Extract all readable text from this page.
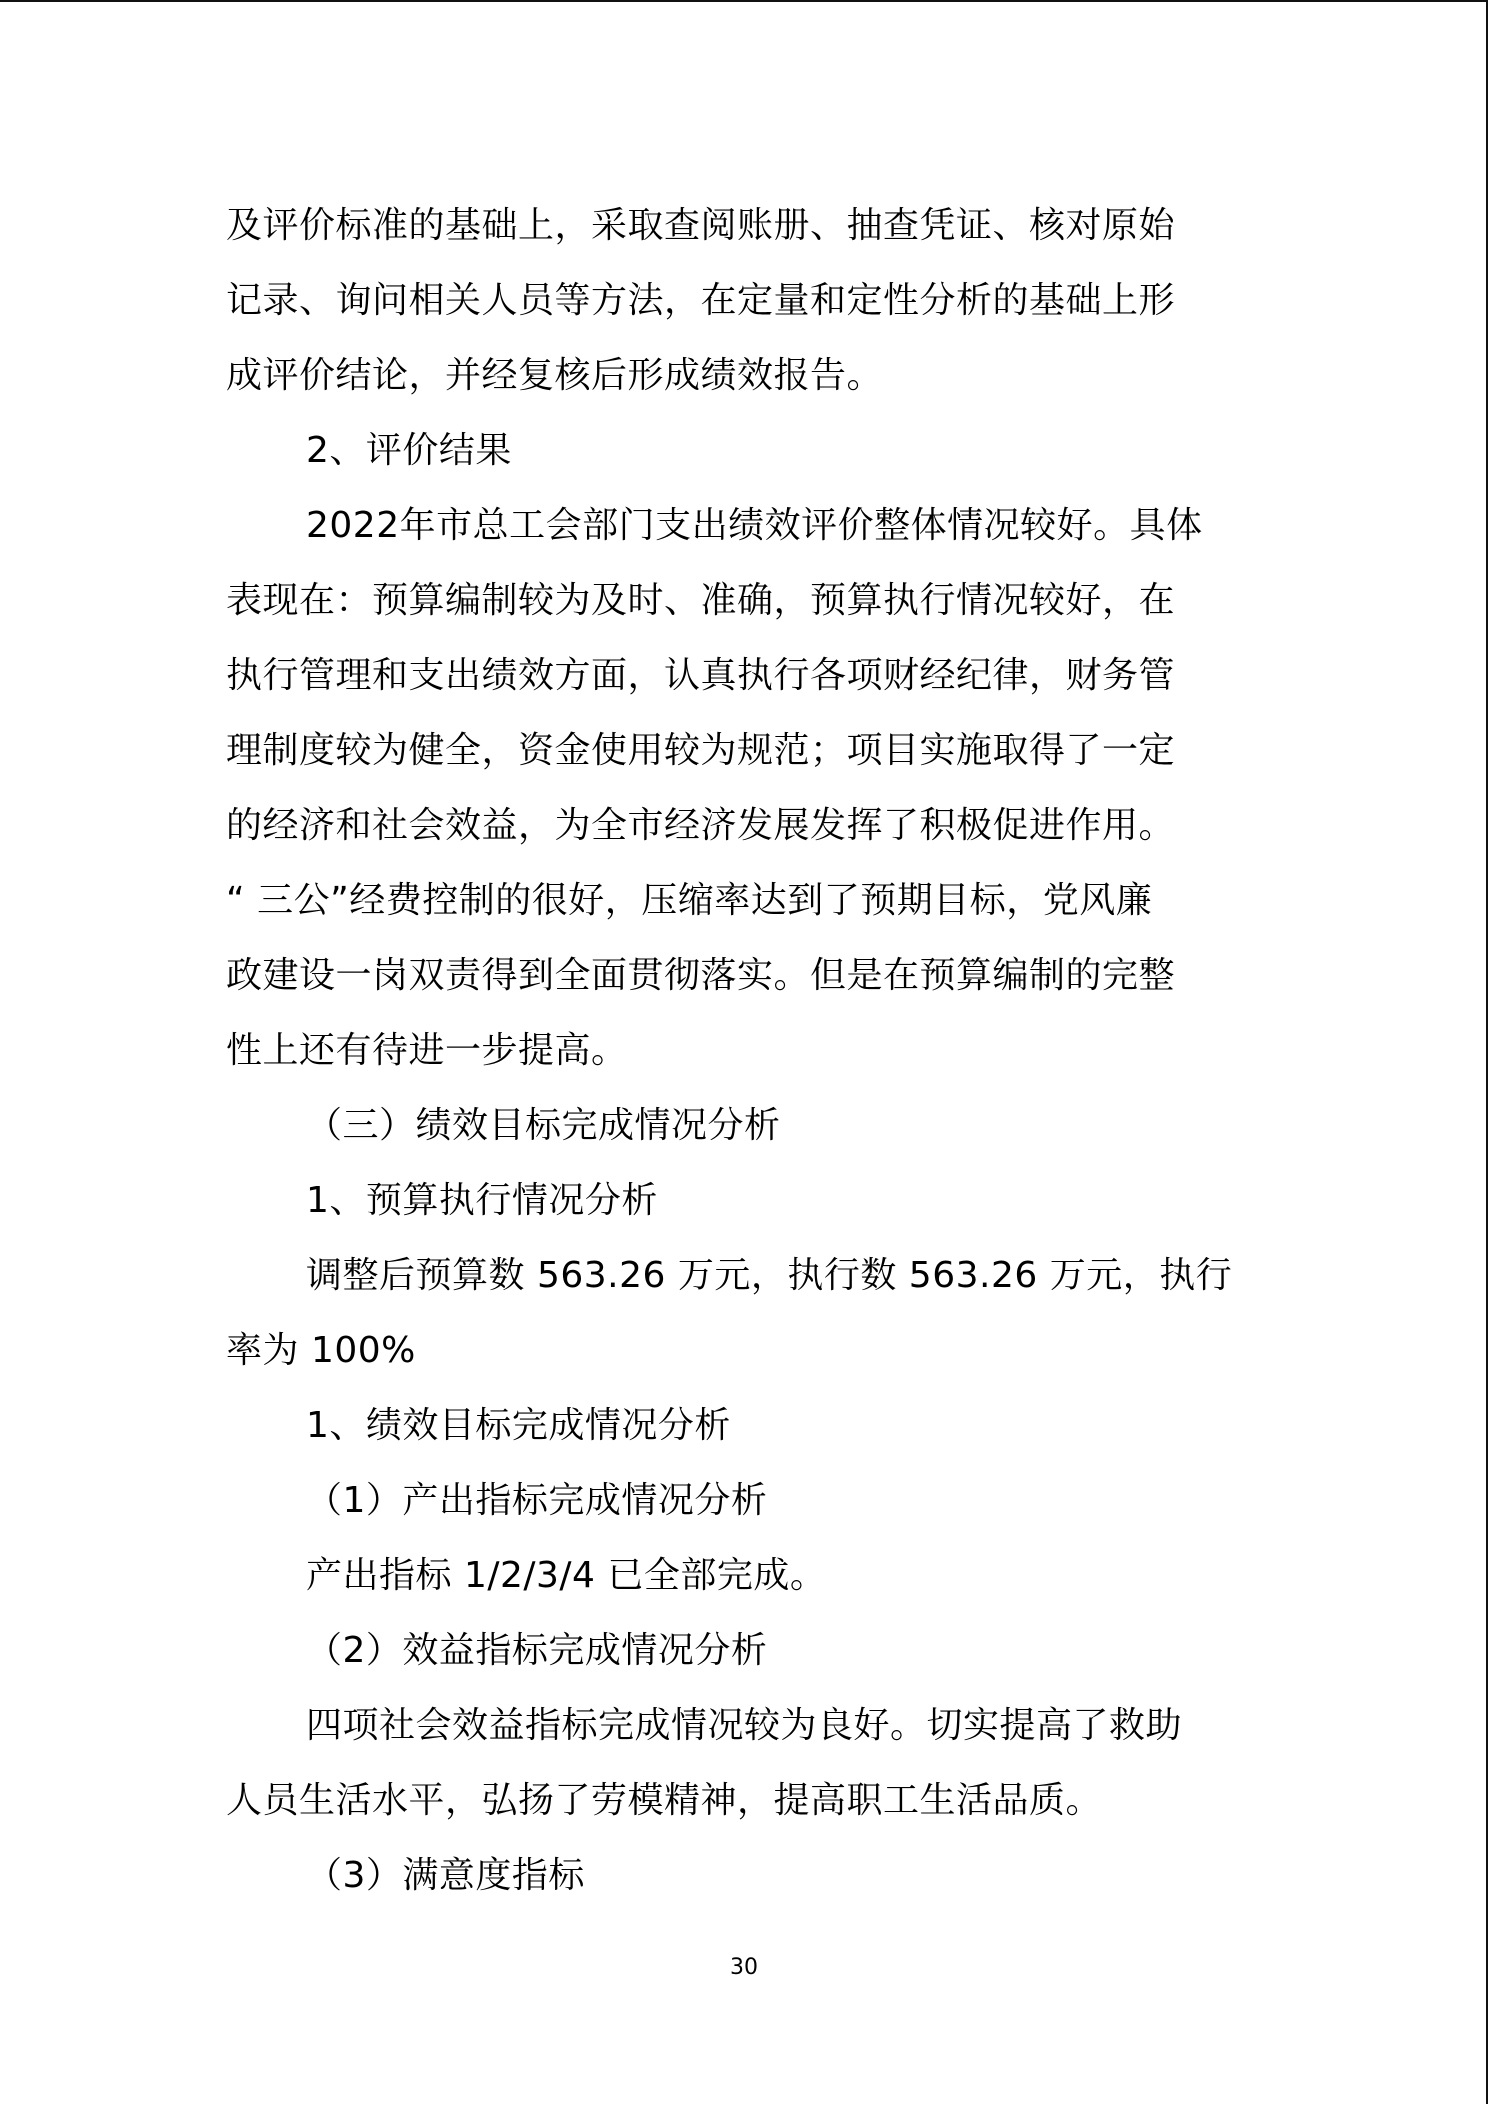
及评价标准的基础上，采取查阅账册、抽查凭证、核对原始
记录、询问相关人员等方法，在定量和定性分析的基础上形
成评价结论，并经复核后形成绩效报告。
2、评价结果
2022年市总工会部门支出绩效评价整体情况较好。具体
表现在：预算编制较为及时、准确，预算执行情况较好，在
执行管理和支出绩效方面，认真执行各项财经纪律，财务管
理制度较为健全，资金使用较为规范；项目实施取得了一定
的经济和社会效益，为全市经济发展发挥了积极促进作用。
“ 三公”经费控制的很好，压缩率达到了预期目标，党风廉
政建设一岗双责得到全面贯彻落实。但是在预算编制的完整
性上还有待进一步提高。
（三）绩效目标完成情况分析
1、预算执行情况分析
调整后预算数 563.26 万元，执行数 563.26 万元，执行
率为 100%
1、绩效目标完成情况分析
（1）产出指标完成情况分析
产出指标 1/2/3/4 已全部完成。
（2）效益指标完成情况分析
四项社会效益指标完成情况较为良好。切实提高了救助
人员生活水平，弘扬了劳模精神，提高职工生活品质。
（3）满意度指标
30
